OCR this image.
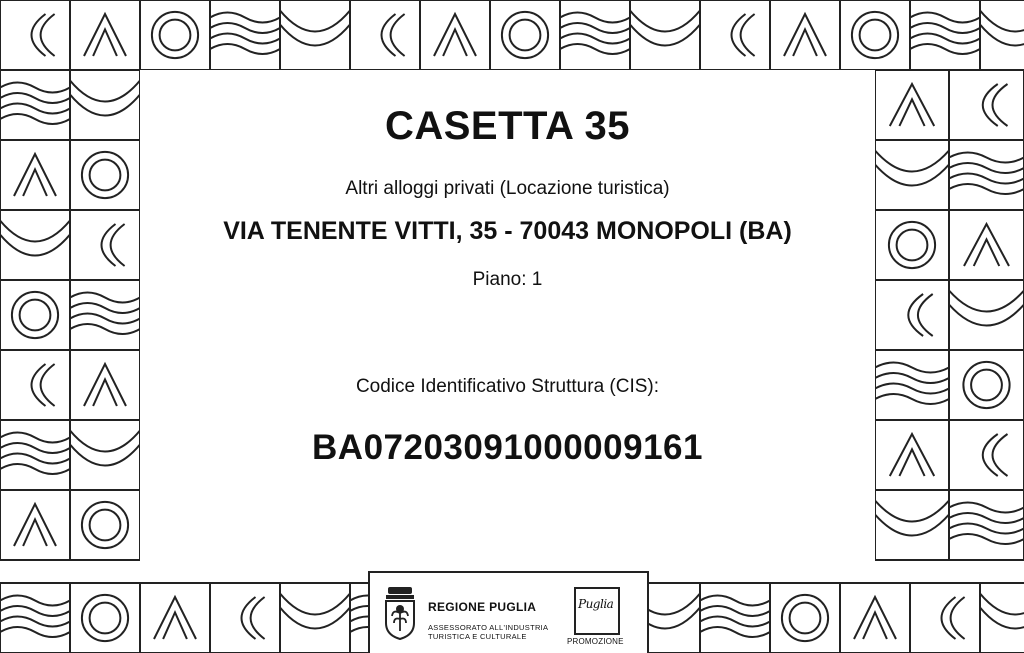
CASETTA 35
Altri alloggi privati (Locazione turistica)
VIA TENENTE VITTI, 35 - 70043 MONOPOLI (BA)
Piano: 1
Codice Identificativo Struttura (CIS):
BA07203091000009161
REGIONE PUGLIA
ASSESSORATO ALL'INDUSTRIA
TURISTICA E CULTURALE
Puglia
PROMOZIONE
